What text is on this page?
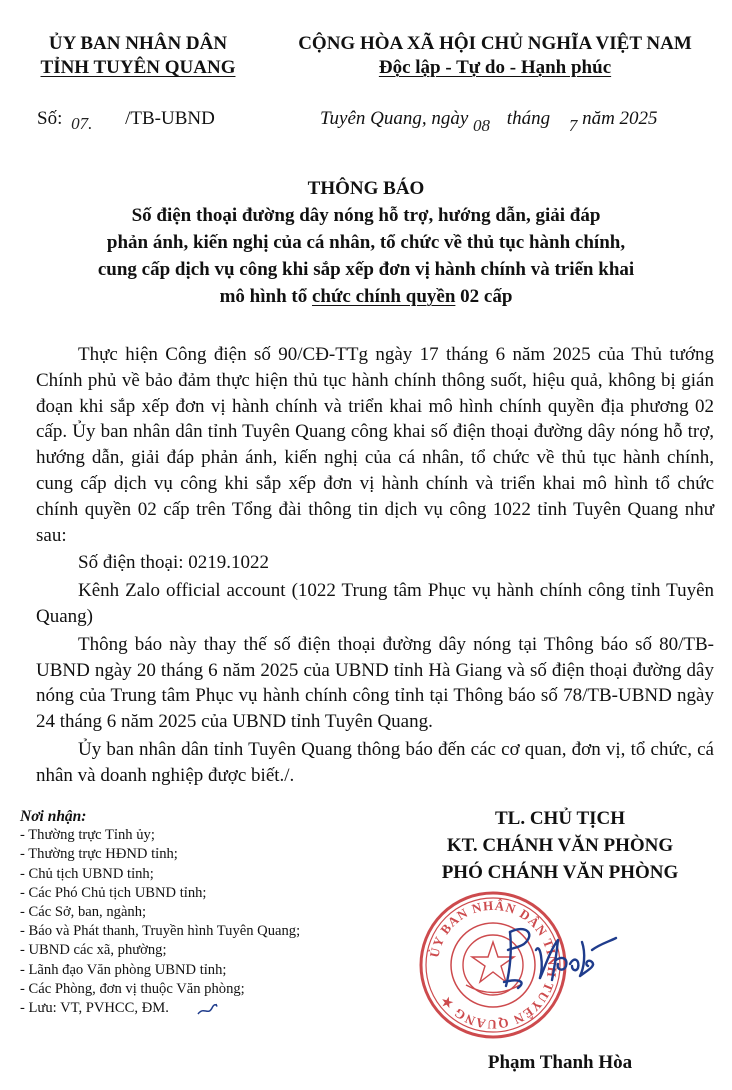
ỦY BAN NHÂN DÂN
TỈNH TUYÊN QUANG
CỘNG HÒA XÃ HỘI CHỦ NGHĨA VIỆT NAM
Độc lập - Tự do - Hạnh phúc
Số: 07. /TB-UBND	Tuyên Quang, ngày 08 tháng 7 năm 2025
THÔNG BÁO
Số điện thoại đường dây nóng hỗ trợ, hướng dẫn, giải đáp
phản ánh, kiến nghị của cá nhân, tổ chức về thủ tục hành chính,
cung cấp dịch vụ công khi sắp xếp đơn vị hành chính và triển khai
mô hình tổ chức chính quyền 02 cấp

Thực hiện Công điện số 90/CĐ-TTg ngày 17 tháng 6 năm 2025 của Thủ tướng Chính phủ về bảo đảm thực hiện thủ tục hành chính thông suốt, hiệu quả, không bị gián đoạn khi sắp xếp đơn vị hành chính và triển khai mô hình chính quyền địa phương 02 cấp. Ủy ban nhân dân tỉnh Tuyên Quang công khai số điện thoại đường dây nóng hỗ trợ, hướng dẫn, giải đáp phản ánh, kiến nghị của cá nhân, tổ chức về thủ tục hành chính, cung cấp dịch vụ công khi sắp xếp đơn vị hành chính và triển khai mô hình tổ chức chính quyền 02 cấp trên Tổng đài thông tin dịch vụ công 1022 tỉnh Tuyên Quang như sau:

Số điện thoại: 0219.1022

Kênh Zalo official account (1022 Trung tâm Phục vụ hành chính công tỉnh Tuyên Quang)

Thông báo này thay thế số điện thoại đường dây nóng tại Thông báo số 80/TB-UBND ngày 20 tháng 6 năm 2025 của UBND tỉnh Hà Giang và số điện thoại đường dây nóng của Trung tâm Phục vụ hành chính công tỉnh tại Thông báo số 78/TB-UBND ngày 24 tháng 6 năm 2025 của UBND tỉnh Tuyên Quang.

Ủy ban nhân dân tỉnh Tuyên Quang thông báo đến các cơ quan, đơn vị, tổ chức, cá nhân và doanh nghiệp được biết./.

Nơi nhận:
- Thường trực Tỉnh ủy;
- Thường trực HĐND tỉnh;
- Chủ tịch UBND tỉnh;
- Các Phó Chủ tịch UBND tỉnh;
- Các Sở, ban, ngành;
- Báo và Phát thanh, Truyền hình Tuyên Quang;
- UBND các xã, phường;
- Lãnh đạo Văn phòng UBND tỉnh;
- Các Phòng, đơn vị thuộc Văn phòng;
- Lưu: VT, PVHCC, ĐM.
TL. CHỦ TỊCH
KT. CHÁNH VĂN PHÒNG
PHÓ CHÁNH VĂN PHÒNG
ỦY BAN NHÂN DÂN TỈNH TUYÊN QUANG ★
Phạm Thanh Hòa
